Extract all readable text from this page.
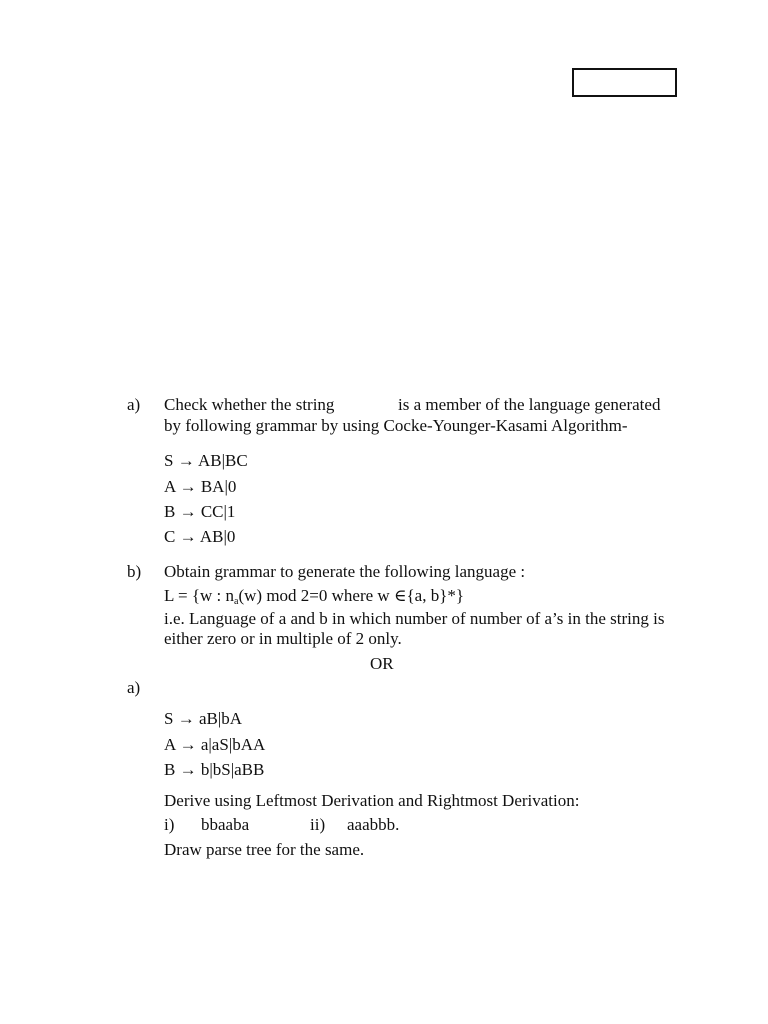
a) Check whether the string	is a member of the language generated
by following grammar by using Cocke-Younger-Kasami Algorithm-
S → AB|BC
A → BA|0
B → CC|1
C → AB|0
b) Obtain grammar to generate the following language :
L = {w : $n_a(w)$ mod 2=0 where w ∈{a, b}*}
i.e. Language of a and b in which number of number of a’s in the string is
either zero or in multiple of 2 only.
OR
a)
S → aB|bA
A → a|aS|bAA
B → b|bS|aBB
Derive using Leftmost Derivation and Rightmost Derivation:
i) bbaaba	ii) aaabbb.
Draw parse tree for the same.
